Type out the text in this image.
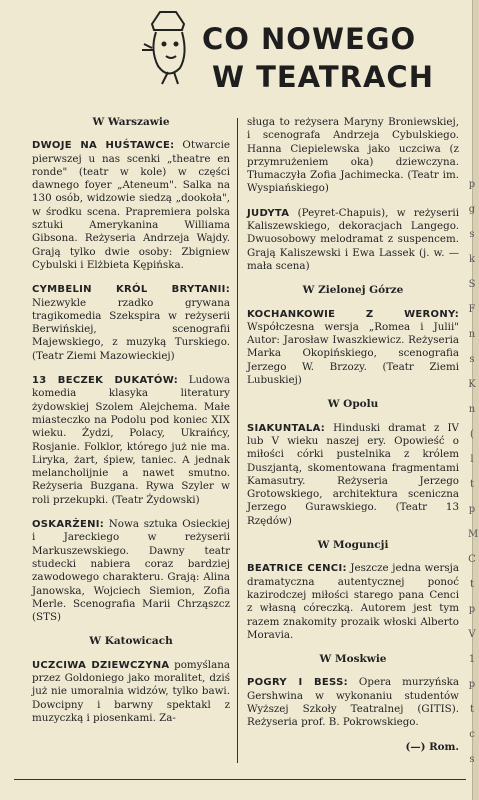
CO NOWEGO
W TEATRACH
W Warszawie

DWOJE NA HUŚTAWCE: Otwarcie pierwszej u nas scenki „theatre en ronde" (teatr w kole) w części dawnego foyer „Ateneum". Salka na 130 osób, widzowie siedzą „dookoła", w środku scena. Prapremiera polska sztuki Amerykanina Williama Gibsona. Reżyseria Andrzeja Wajdy. Grają tylko dwie osoby: Zbigniew Cybulski i Elżbieta Kępińska.

CYMBELIN KRÓL BRYTANII: Niezwykle rzadko grywana tragikomedia Szekspira w reżyserii Berwińskiej, scenografii Majewskiego, z muzyką Turskiego. (Teatr Ziemi Mazowieckiej)

13 BECZEK DUKATÓW: Ludowa komedia klasyka literatury żydowskiej Szolem Alejchema. Małe miasteczko na Podolu pod koniec XIX wieku. Żydzi, Polacy, Ukraińcy, Rosjanie. Folklor, którego już nie ma. Liryka, żart, śpiew, taniec. A jednak melancholijnie a nawet smutno. Reżyseria Buzgana. Rywa Szyler w roli przekupki. (Teatr Żydowski)

OSKARŻENI: Nowa sztuka Osieckiej i Jareckiego w reżyserii Markuszewskiego. Dawny teatr studecki nabiera coraz bardziej zawodowego charakteru. Grają: Alina Janowska, Wojciech Siemion, Zofia Merle. Scenografia Marii Chrząszcz (STS)

W Katowicach

UCZCIWA DZIEWCZYNA pomyślana przez Goldoniego jako moralitet, dziś już nie umoralnia widzów, tylko bawi. Dowcipny i barwny spektakl z muzyczką i piosenkami. Za-

sługa to reżysera Maryny Broniewskiej, i scenografa Andrzeja Cybulskiego. Hanna Ciepielewska jako uczciwa (z przymrużeniem oka) dziewczyna. Tłumaczyła Zofia Jachimecka. (Teatr im. Wyspiańskiego)

JUDYTA (Peyret-Chapuis), w reżyserii Kaliszewskiego, dekoracjach Langego. Dwuosobowy melodramat z suspencem. Grają Kaliszewski i Ewa Lassek (j. w. — mała scena)

W Zielonej Górze

KOCHANKOWIE Z WERONY: Współczesna wersja „Romea i Julii" Autor: Jarosław Iwaszkiewicz. Reżyseria Marka Okopińskiego, scenografia Jerzego W. Brzozy. (Teatr Ziemi Lubuskiej)

W Opolu

SIAKUNTALA: Hinduski dramat z IV lub V wieku naszej ery. Opowieść o miłości córki pustelnika z królem Duszjantą, skomentowana fragmentami Kamasutry. Reżyseria Jerzego Grotowskiego, architektura sceniczna Jerzego Gurawskiego. (Teatr 13 Rzędów)

W Moguncji

BEATRICE CENCI: Jeszcze jedna wersja dramatyczna autentycznej ponoć kazirodczej miłości starego pana Cenci z własną córeczką. Autorem jest tym razem znakomity prozaik włoski Alberto Moravia.

W Moskwie

POGRY I BESS: Opera murzyńska Gershwina w wykonaniu studentów Wyższej Szkoły Teatralnej (GITIS). Reżyseria prof. B. Pokrowskiego.

(—) Rom.
p
g
s
k
S
F
n
s
K
n
(
l
t
p
M
C
t
p
V
1
p
t
c
s
